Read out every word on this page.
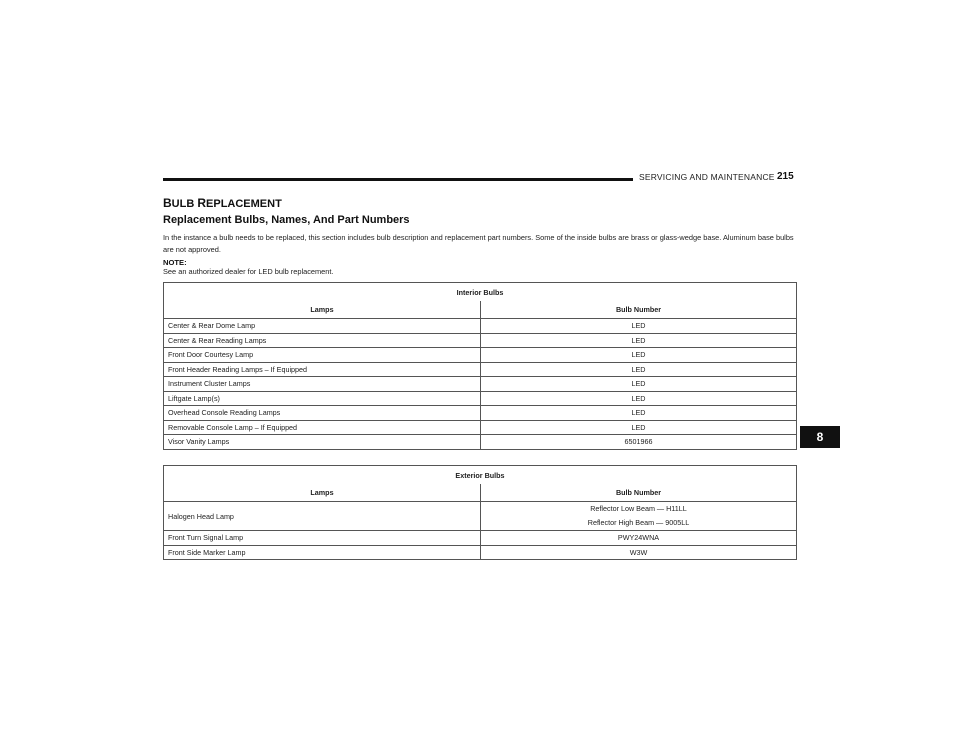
SERVICING AND MAINTENANCE 215
BULB REPLACEMENT
Replacement Bulbs, Names, And Part Numbers
In the instance a bulb needs to be replaced, this section includes bulb description and replacement part numbers. Some of the inside bulbs are brass or glass-wedge base. Aluminum base bulbs are not approved.
NOTE:
See an authorized dealer for LED bulb replacement.
8
Interior Bulbs	
Lamps	Bulb Number
Center & Rear Dome Lamp	LED
Center & Rear Reading Lamps	LED
Front Door Courtesy Lamp	LED
Front Header Reading Lamps – If Equipped	LED
Instrument Cluster Lamps	LED
Liftgate Lamp(s)	LED
Overhead Console Reading Lamps	LED
Removable Console Lamp – If Equipped	LED
Visor Vanity Lamps	6501966
Exterior Bulbs	
Lamps	Bulb Number
Halogen Head Lamp	Reflector Low Beam — H11LL
Reflector High Beam — 9005LL

Front Turn Signal Lamp	PWY24WNA
Front Side Marker Lamp	W3W
